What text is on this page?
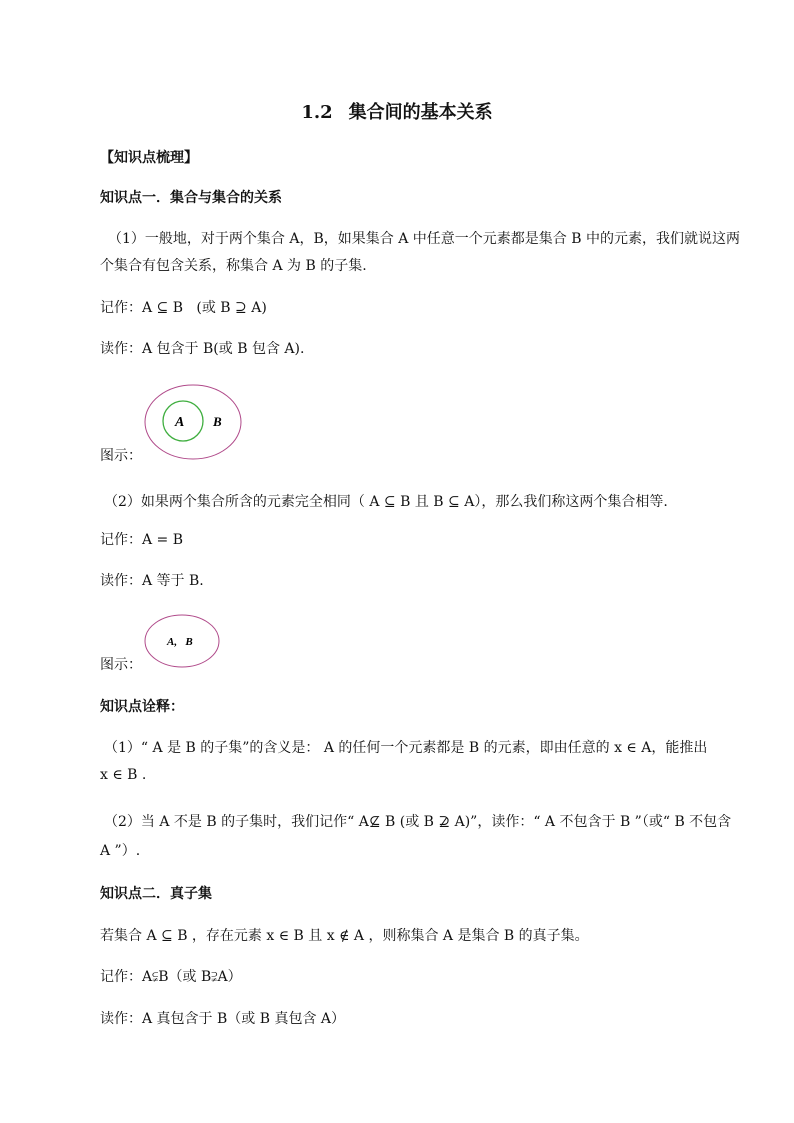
1.2 集合间的基本关系
【知识点梳理】
知识点一．集合与集合的关系
（1）一般地，对于两个集合 A，B，如果集合 A 中任意一个元素都是集合 B 中的元素，我们就说这两
个集合有包含关系，称集合 A 为 B 的子集.
记作：A ⊆ B (或 B ⊇ A)
读作：A 包含于 B(或 B 包含 A).
A B
图示：
（2）如果两个集合所含的元素完全相同（ A ⊆ B 且 B ⊆ A），那么我们称这两个集合相等.
记作：A = B
读作：A 等于 B.
A,   B
图示：
知识点诠释：
（1）“ A 是 B 的子集”的含义是： A 的任何一个元素都是 B 的元素，即由任意的 x ∈ A，能推出
x ∈ B .
（2）当 A 不是 B 的子集时，我们记作“ A⊆ B (或 B ⊇ A)”，读作：“ A 不包含于 B ”（或“ B 不包含
A ”）.
知识点二．真子集
若集合 A ⊆ B ，存在元素 x ∈ B 且 x ∉ A ，则称集合 A 是集合 B 的真子集。
记作：A⫋B（或 B⫌A）
读作：A 真包含于 B（或 B 真包含 A）
